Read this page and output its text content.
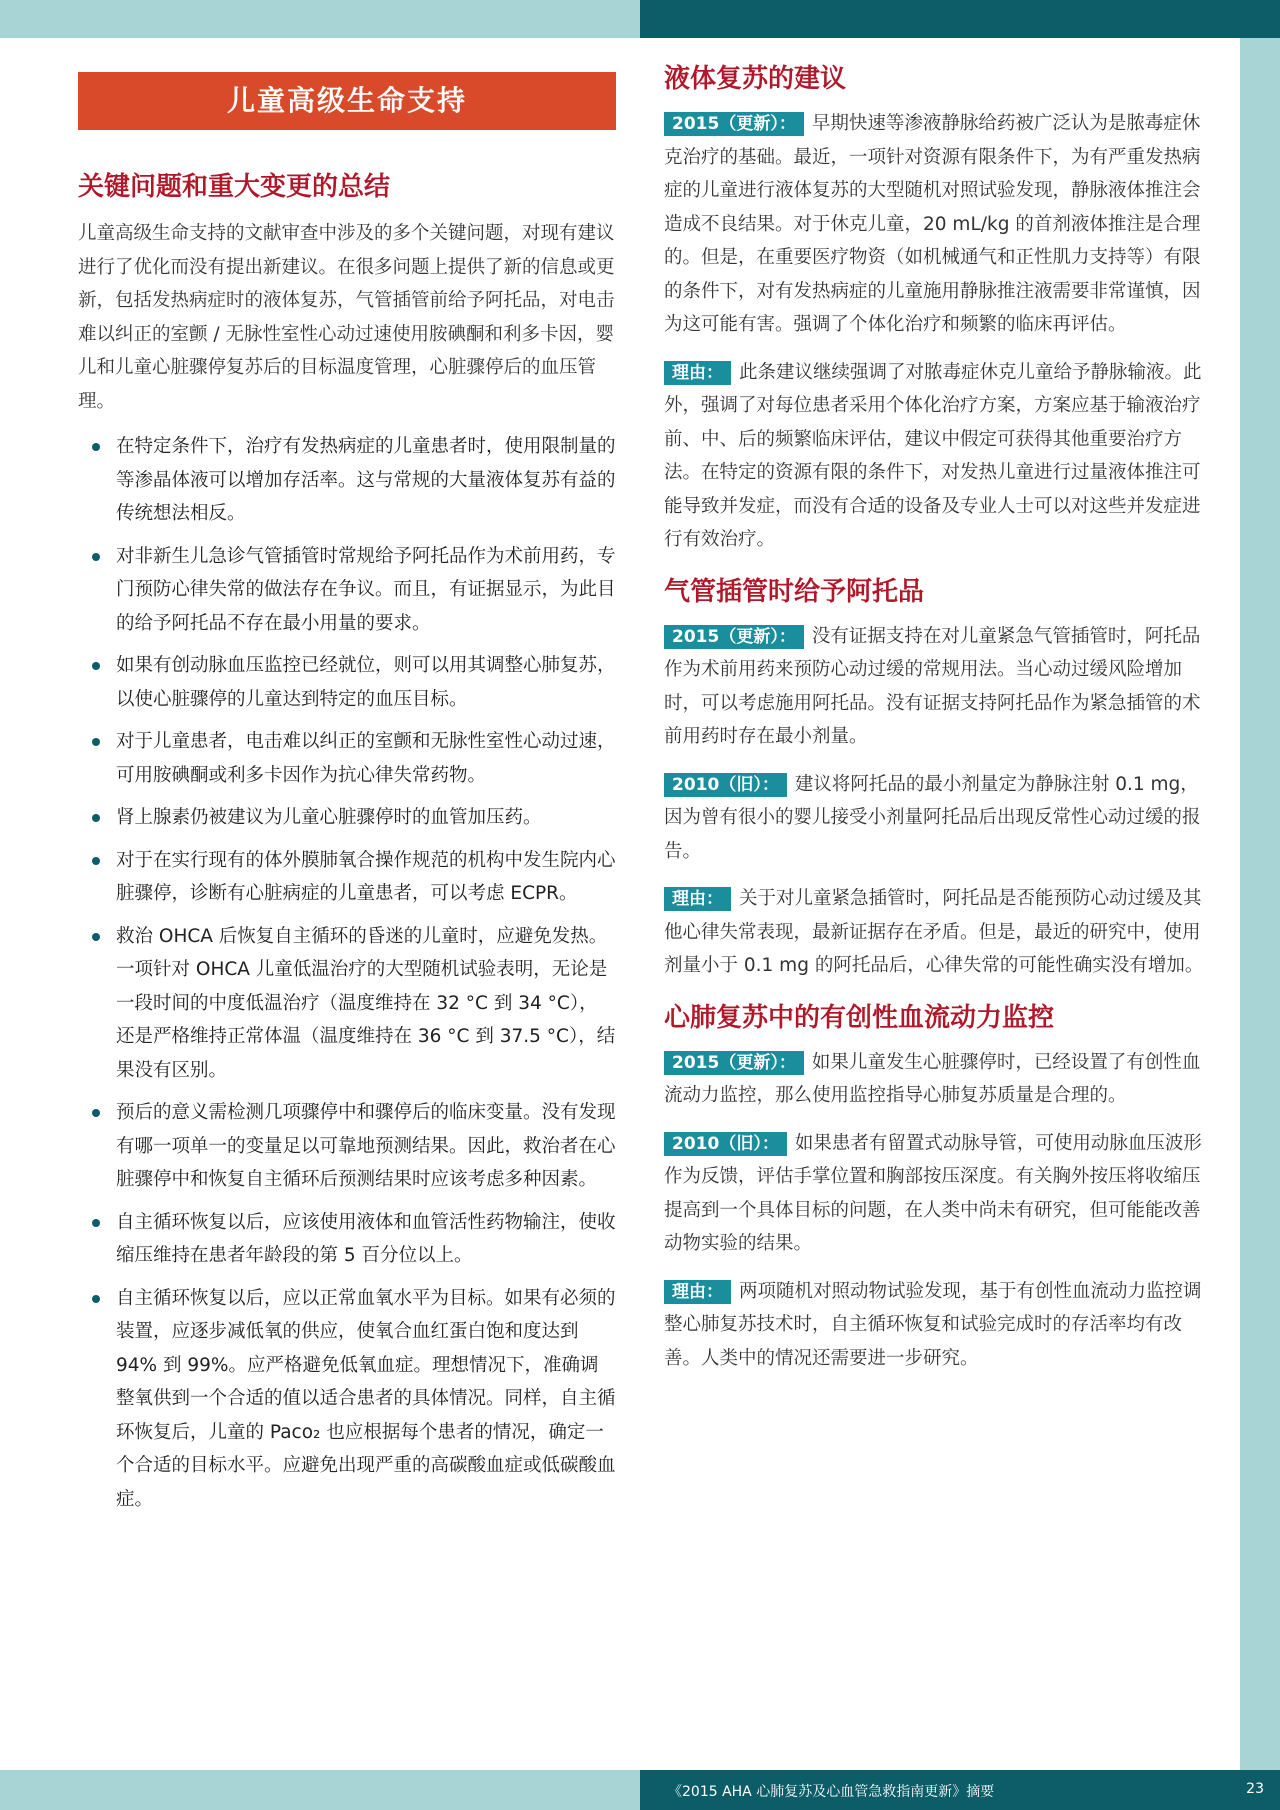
儿童高级生命支持
关键问题和重大变更的总结

儿童高级生命支持的文献审查中涉及的多个关键问题，对现有建议进行了优化而没有提出新建议。在很多问题上提供了新的信息或更新，包括发热病症时的液体复苏，气管插管前给予阿托品，对电击难以纠正的室颤 / 无脉性室性心动过速使用胺碘酮和利多卡因，婴儿和儿童心脏骤停复苏后的目标温度管理，心脏骤停后的血压管理。

在特定条件下，治疗有发热病症的儿童患者时，使用限制量的等渗晶体液可以增加存活率。这与常规的大量液体复苏有益的传统想法相反。
对非新生儿急诊气管插管时常规给予阿托品作为术前用药，专门预防心律失常的做法存在争议。而且，有证据显示，为此目的给予阿托品不存在最小用量的要求。
如果有创动脉血压监控已经就位，则可以用其调整心肺复苏，以使心脏骤停的儿童达到特定的血压目标。
对于儿童患者，电击难以纠正的室颤和无脉性室性心动过速，可用胺碘酮或利多卡因作为抗心律失常药物。
肾上腺素仍被建议为儿童心脏骤停时的血管加压药。
对于在实行现有的体外膜肺氧合操作规范的机构中发生院内心脏骤停，诊断有心脏病症的儿童患者，可以考虑 ECPR。
救治 OHCA 后恢复自主循环的昏迷的儿童时，应避免发热。一项针对 OHCA 儿童低温治疗的大型随机试验表明，无论是一段时间的中度低温治疗（温度维持在 32 °C 到 34 °C），还是严格维持正常体温（温度维持在 36 °C 到 37.5 °C），结果没有区别。
预后的意义需检测几项骤停中和骤停后的临床变量。没有发现有哪一项单一的变量足以可靠地预测结果。因此，救治者在心脏骤停中和恢复自主循环后预测结果时应该考虑多种因素。
自主循环恢复以后，应该使用液体和血管活性药物输注，使收缩压维持在患者年龄段的第 5 百分位以上。
自主循环恢复以后，应以正常血氧水平为目标。如果有必须的装置，应逐步减低氧的供应，使氧合血红蛋白饱和度达到 94% 到 99%。应严格避免低氧血症。理想情况下，准确调整氧供到一个合适的值以适合患者的具体情况。同样，自主循环恢复后，儿童的 Paco₂ 也应根据每个患者的情况，确定一个合适的目标水平。应避免出现严重的高碳酸血症或低碳酸血症。
液体复苏的建议

2015（更新）： 早期快速等渗液静脉给药被广泛认为是脓毒症休克治疗的基础。最近，一项针对资源有限条件下，为有严重发热病症的儿童进行液体复苏的大型随机对照试验发现，静脉液体推注会造成不良结果。对于休克儿童，20 mL/kg 的首剂液体推注是合理的。但是，在重要医疗物资（如机械通气和正性肌力支持等）有限的条件下，对有发热病症的儿童施用静脉推注液需要非常谨慎，因为这可能有害。强调了个体化治疗和频繁的临床再评估。

理由： 此条建议继续强调了对脓毒症休克儿童给予静脉输液。此外，强调了对每位患者采用个体化治疗方案，方案应基于输液治疗前、中、后的频繁临床评估，建议中假定可获得其他重要治疗方法。在特定的资源有限的条件下，对发热儿童进行过量液体推注可能导致并发症，而没有合适的设备及专业人士可以对这些并发症进行有效治疗。

气管插管时给予阿托品

2015（更新）： 没有证据支持在对儿童紧急气管插管时，阿托品作为术前用药来预防心动过缓的常规用法。当心动过缓风险增加时，可以考虑施用阿托品。没有证据支持阿托品作为紧急插管的术前用药时存在最小剂量。

2010（旧）： 建议将阿托品的最小剂量定为静脉注射 0.1 mg，因为曾有很小的婴儿接受小剂量阿托品后出现反常性心动过缓的报告。

理由： 关于对儿童紧急插管时，阿托品是否能预防心动过缓及其他心律失常表现，最新证据存在矛盾。但是，最近的研究中，使用剂量小于 0.1 mg 的阿托品后，心律失常的可能性确实没有增加。

心肺复苏中的有创性血流动力监控

2015（更新）： 如果儿童发生心脏骤停时，已经设置了有创性血流动力监控，那么使用监控指导心肺复苏质量是合理的。

2010（旧）： 如果患者有留置式动脉导管，可使用动脉血压波形作为反馈，评估手掌位置和胸部按压深度。有关胸外按压将收缩压提高到一个具体目标的问题，在人类中尚未有研究，但可能能改善动物实验的结果。

理由： 两项随机对照动物试验发现，基于有创性血流动力监控调整心肺复苏技术时，自主循环恢复和试验完成时的存活率均有改善。人类中的情况还需要进一步研究。

《2015 AHA 心肺复苏及心血管急救指南更新》摘要	23
